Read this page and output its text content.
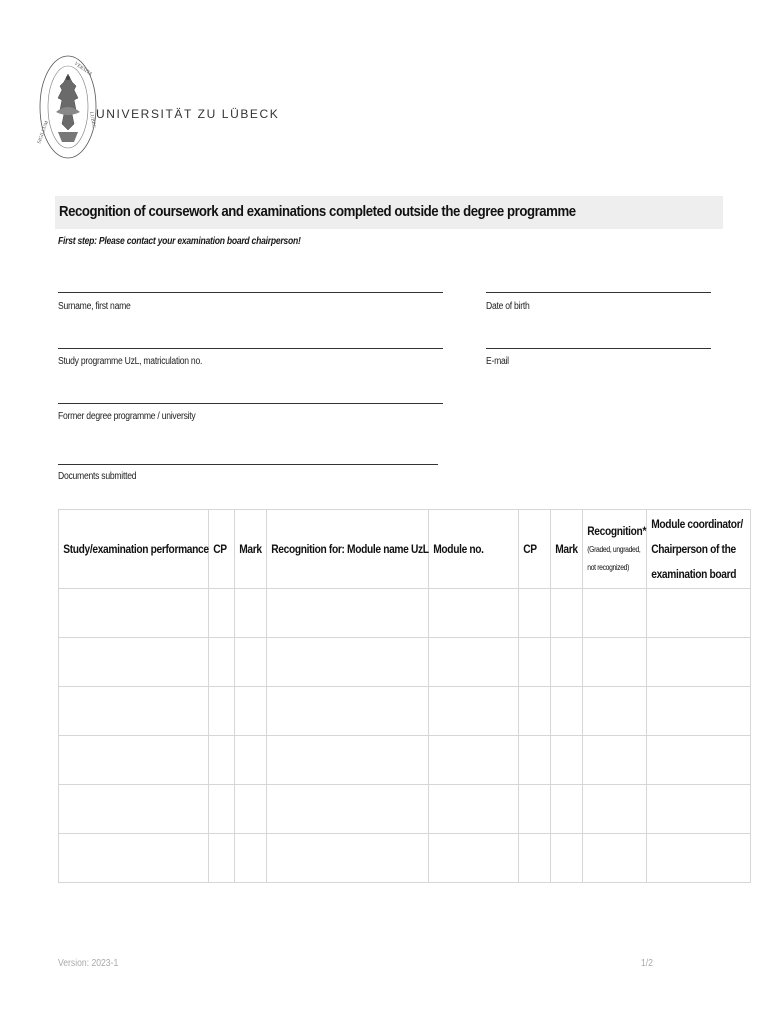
SIGILLUM
VERSITA
LUBEC UNIVERSITÄT ZU LÜBECK
Recognition of coursework and examinations completed outside the degree programme
First step: Please contact your examination board chairperson!
Surname, first name	Date of birth
Study programme UzL, matriculation no.	E-mail
Former degree programme / university
Documents submitted
Study/examination performance	CP	Mark	Recognition for: Module name UzL	Module no.	CP	Mark	Recognition*
(Graded, ungraded,
not recognized)	Module coordinator/
Chairperson of the
examination board

Version: 2023-1	1/2
